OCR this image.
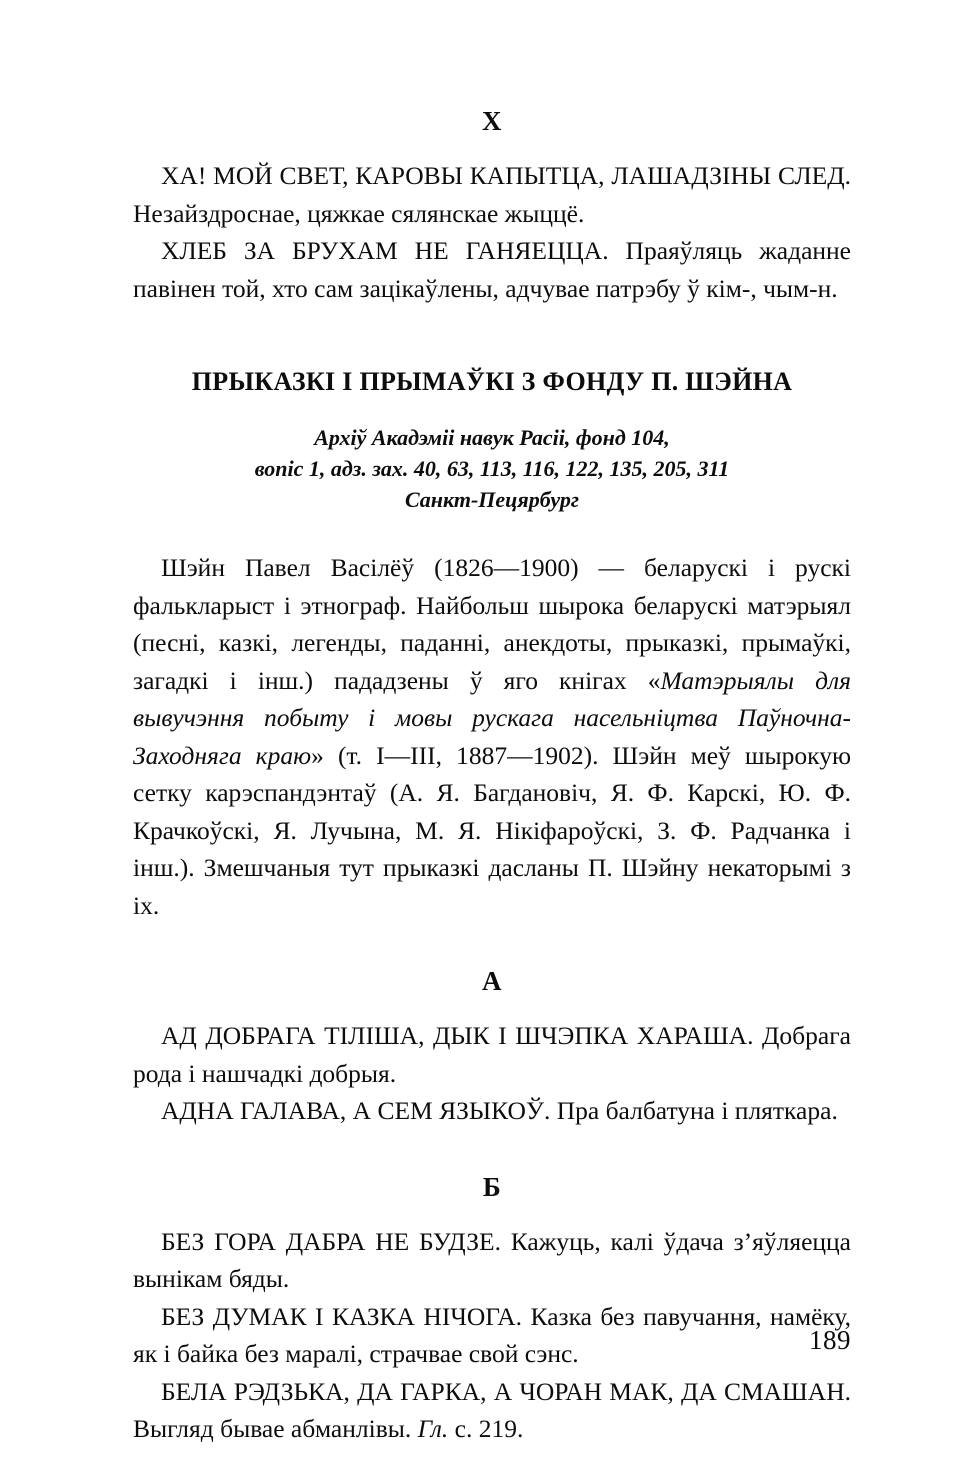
Х

ХА! МОЙ СВЕТ, КАРОВЫ КАПЫТЦА, ЛАШАДЗІНЫ СЛЕД. Незайздроснае, цяжкае сялянскае жыццё.

ХЛЕБ ЗА БРУХАМ НЕ ГАНЯЕЦЦА. Праяўляць жаданне павінен той, хто сам зацікаўлены, адчувае патрэбу ў кім-, чым-н.

ПРЫКАЗКІ І ПРЫМАЎКІ З ФОНДУ П. ШЭЙНА
Архіў Акадэміі навук Расіі, фонд 104,
вопіс 1, адз. зах. 40, 63, 113, 116, 122, 135, 205, 311
Санкт-Пецярбург

Шэйн Павел Васілёў (1826—1900) — беларускі і рускі фалькларыст і этнограф. Найбольш шырока беларускі матэрыял (песні, казкі, легенды, паданні, анекдоты, прыказкі, прымаўкі, загадкі і інш.) пададзены ў яго кнігах «Матэрыялы для вывучэння побыту і мовы рускага насельніцтва Паўночна-Заходняга краю» (т. І—ІІІ, 1887—1902). Шэйн меў шырокую сетку карэспандэнтаў (А. Я. Багдановіч, Я. Ф. Карскі, Ю. Ф. Крачкоўскі, Я. Лучына, М. Я. Нікіфароўскі, З. Ф. Радчанка і інш.). Змешчаныя тут прыказкі дасланы П. Шэйну некаторымі з іх.

А

АД ДОБРАГА ТІЛІША, ДЫК І ШЧЭПКА ХАРАША. Добрага рода і нашчадкі добрыя.

АДНА ГАЛАВА, А СЕМ ЯЗЫКОЎ. Пра балбатуна і пляткара.

Б

БЕЗ ГОРА ДАБРА НЕ БУДЗЕ. Кажуць, калі ўдача з’яўляецца вынікам бяды.

БЕЗ ДУМАК І КАЗКА НІЧОГА. Казка без павучання, намёку, як і байка без маралі, страчвае свой сэнс.

БЕЛА РЭДЗЬКА, ДА ГАРКА, А ЧОРАН МАК, ДА СМАШАН. Выгляд бывае абманлівы. Гл. с. 219.

189
